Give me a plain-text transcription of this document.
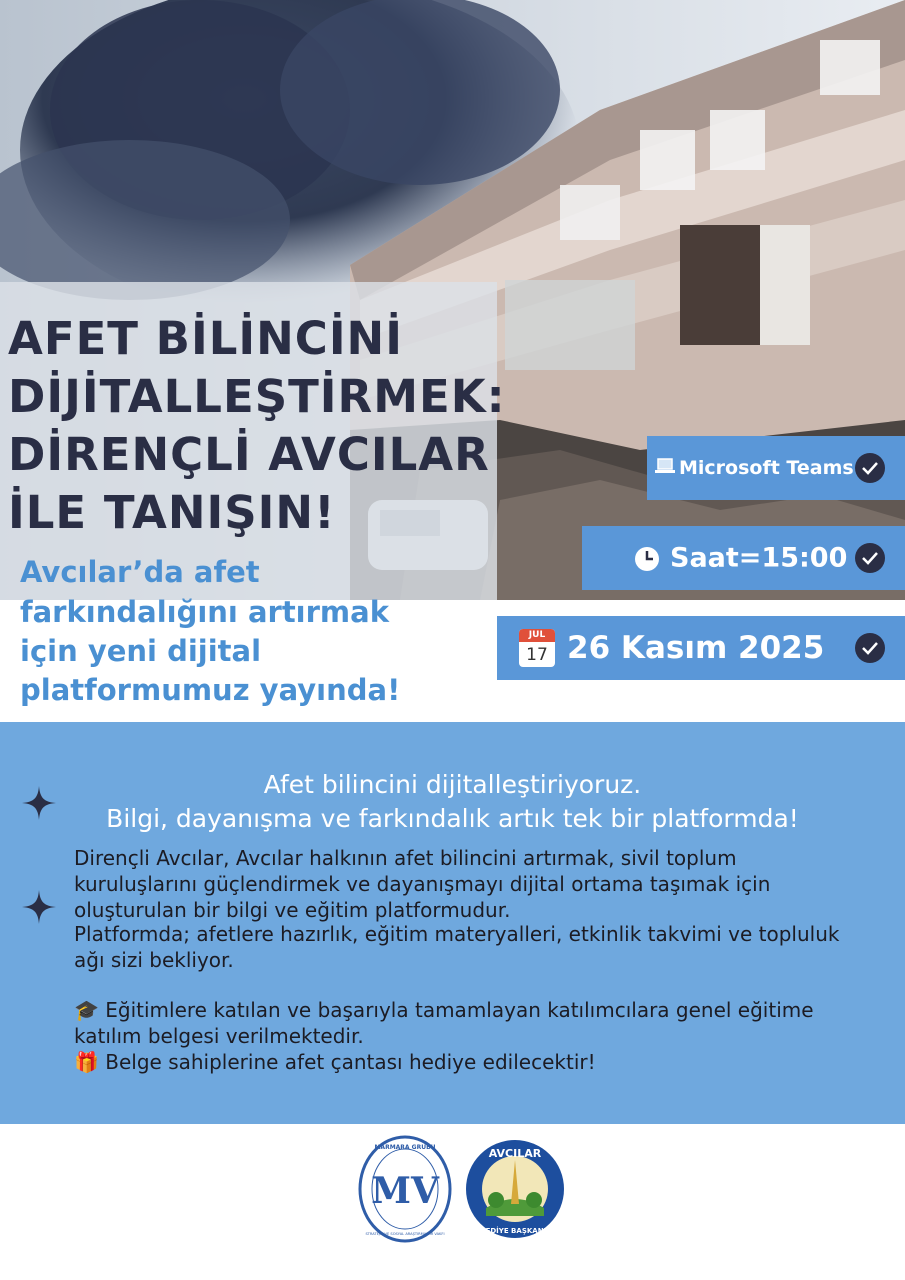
AFET BİLİNCİNİ
DİJİTALLEŞTİRMEK:
DİRENÇLİ AVCILAR
İLE TANIŞIN!
Avcılar’da afet
farkındalığını artırmak
için yeni dijital
platformumuz yayında!
Microsoft Teams
Saat=15:00
JUL
17 26 Kasım 2025
Afet bilincini dijitalleştiriyoruz.
Bilgi, dayanışma ve farkındalık artık tek bir platformda!
Dirençli Avcılar, Avcılar halkının afet bilincini artırmak, sivil toplum
kuruluşlarını güçlendirmek ve dayanışmayı dijital ortama taşımak için
oluşturulan bir bilgi ve eğitim platformudur.
Platformda; afetlere hazırlık, eğitim materyalleri, etkinlik takvimi ve topluluk
ağı sizi bekliyor.
🎓 Eğitimlere katılan ve başarıyla tamamlayan katılımcılara genel eğitime
katılım belgesi verilmektedir.
🎁 Belge sahiplerine afet çantası hediye edilecektir!
MV
MARMARA GRUBU
STRATEJİK VE SOSYAL ARAŞTIRMALAR VAKFI
AVCILAR
BELEDİYE BAŞKANLIĞI
